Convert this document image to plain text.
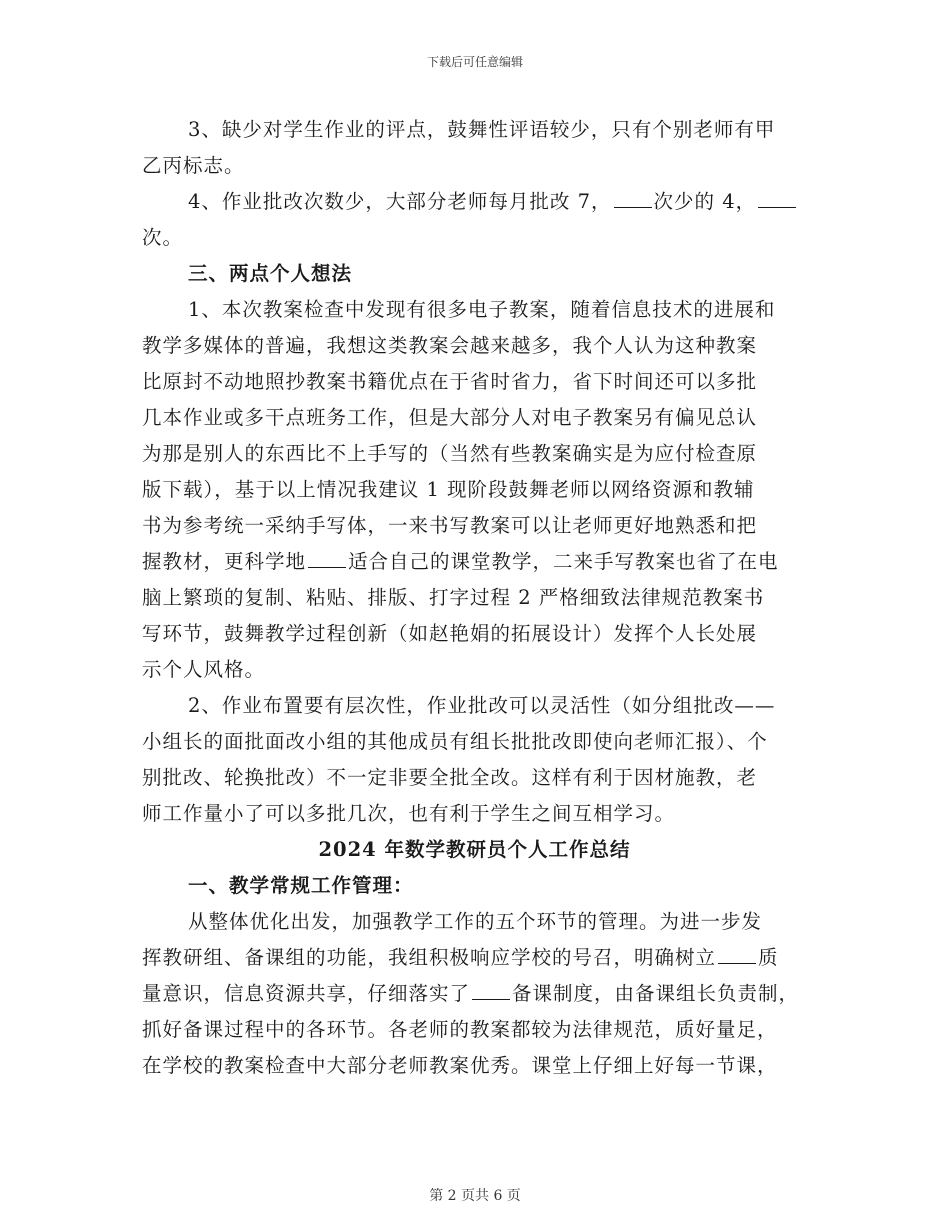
下载后可任意编辑
3、缺少对学生作业的评点，鼓舞性评语较少，只有个别老师有甲
乙丙标志。
4、作业批改次数少，大部分老师每月批改 7， 次少的 4，
次。
三、两点个人想法
1、本次教案检查中发现有很多电子教案，随着信息技术的进展和
教学多媒体的普遍，我想这类教案会越来越多，我个人认为这种教案
比原封不动地照抄教案书籍优点在于省时省力，省下时间还可以多批
几本作业或多干点班务工作，但是大部分人对电子教案另有偏见总认
为那是别人的东西比不上手写的（当然有些教案确实是为应付检查原
版下载），基于以上情况我建议 1 现阶段鼓舞老师以网络资源和教辅
书为参考统一采纳手写体，一来书写教案可以让老师更好地熟悉和把
握教材，更科学地 适合自己的课堂教学，二来手写教案也省了在电
脑上繁琐的复制、粘贴、排版、打字过程 2 严格细致法律规范教案书
写环节，鼓舞教学过程创新（如赵艳娟的拓展设计）发挥个人长处展
示个人风格。
2、作业布置要有层次性，作业批改可以灵活性（如分组批改——
小组长的面批面改小组的其他成员有组长批批改即使向老师汇报）、个
别批改、轮换批改）不一定非要全批全改。这样有利于因材施教，老
师工作量小了可以多批几次，也有利于学生之间互相学习。
2024 年数学教研员个人工作总结
一、教学常规工作管理：
从整体优化出发，加强教学工作的五个环节的管理。为进一步发
挥教研组、备课组的功能，我组积极响应学校的号召，明确树立 质
量意识，信息资源共享，仔细落实了 备课制度，由备课组长负责制，
抓好备课过程中的各环节。各老师的教案都较为法律规范，质好量足，
在学校的教案检查中大部分老师教案优秀。课堂上仔细上好每一节课，
第 2 页共 6 页
